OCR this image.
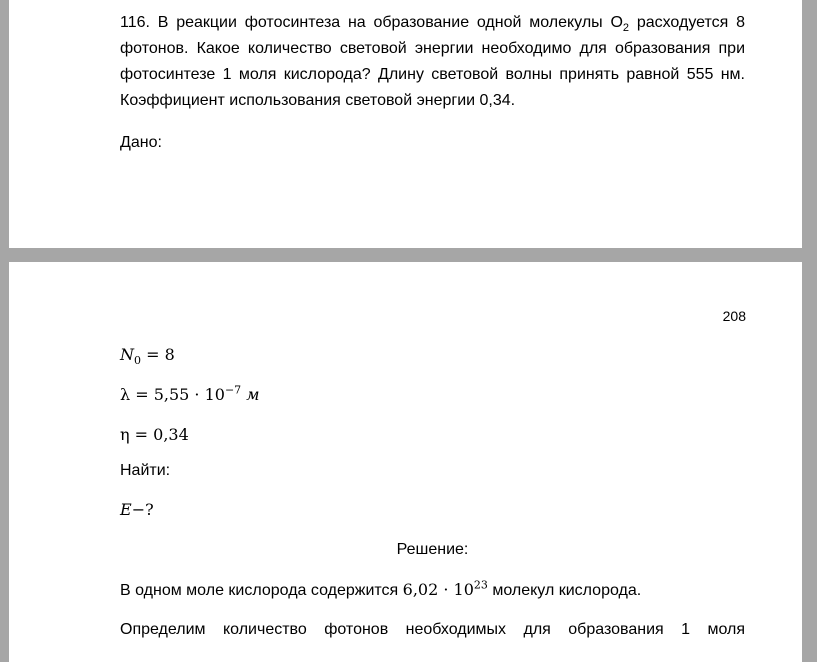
116. В реакции фотосинтеза на образование одной молекулы $O_2$ расходуется 8 фотонов. Какое количество световой энергии необходимо для образования при фотосинтезе 1 моля кислорода? Длину световой волны принять равной 555 нм. Коэффициент использования световой энергии 0,34.

Дано:
208
$N_0 = 8$
$\lambda = 5,55 \cdot 10^{-7}$ м
η = 0,34
Найти:
E−?
Решение:
В одном моле кислорода содержится $6,02 \cdot 10^{23}$ молекул кислорода.

Определим количество фотонов необходимых для образования 1 моля
